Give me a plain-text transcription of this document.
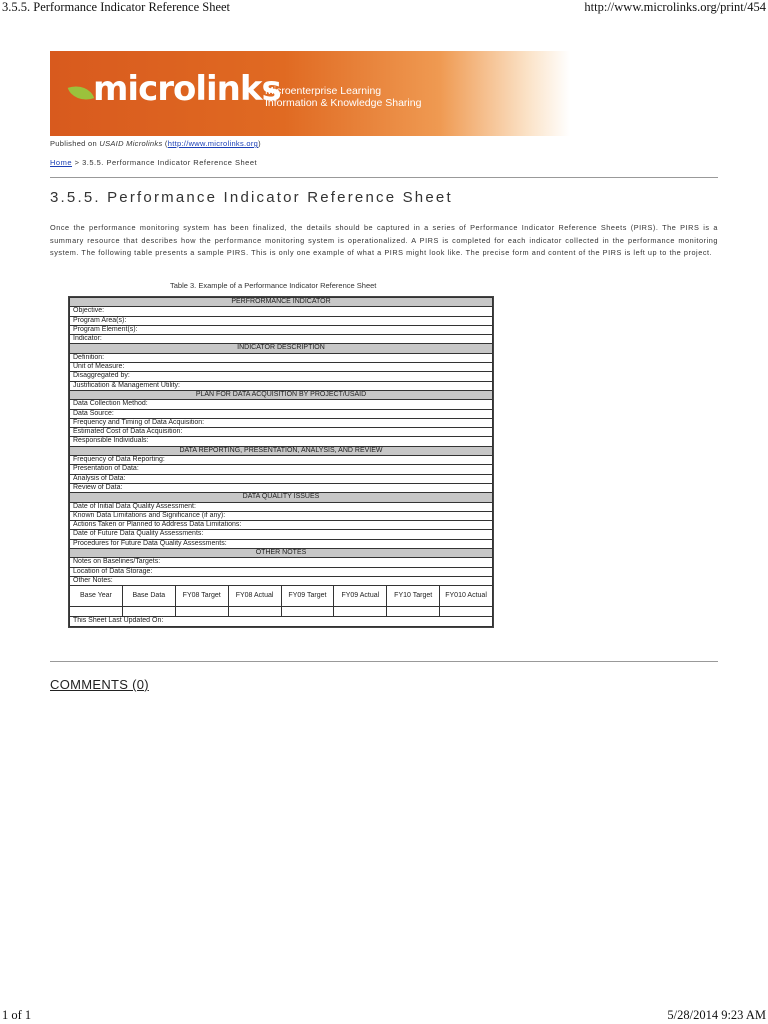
3.5.5. Performance Indicator Reference Sheet	http://www.microlinks.org/print/454
microlinks
Microenterprise Learning
Information & Knowledge Sharing
Published on USAID Microlinks (http://www.microlinks.org)
Home > 3.5.5. Performance Indicator Reference Sheet
3.5.5. Performance Indicator Reference Sheet
Once the performance monitoring system has been finalized, the details should be captured in a series of Performance Indicator Reference Sheets (PIRS). The PIRS is a summary resource that describes how the performance monitoring system is operationalized. A PIRS is completed for each indicator collected in the performance monitoring system. The following table presents a sample PIRS. This is only one example of what a PIRS might look like. The precise form and content of the PIRS is left up to the project.
Table 3. Example of a Performance Indicator Reference Sheet
PERFRORMANCE INDICATOR							
Objective:							
Program Area(s):							
Program Element(s):							
Indicator:							
INDICATOR DESCRIPTION							
Definition:							
Unit of Measure:							
Disaggregated by:							
Justification & Management Utility:							
PLAN FOR DATA ACQUISITION BY PROJECT/USAID							
Data Collection Method:							
Data Source:							
Frequency and Timing of Data Acquisition:							
Estimated Cost of Data Acquisition:							
Responsible Individuals:							
DATA REPORTING, PRESENTATION, ANALYSIS, AND REVIEW							
Frequency of Data Reporting:							
Presentation of Data:							
Analysis of Data:							
Review of Data:							
DATA QUALITY ISSUES							
Date of Initial Data Quality Assessment:							
Known Data Limitations and Significance (if any):							
Actions Taken or Planned to Address Data Limitations:							
Date of Future Data Quality Assessments:							
Procedures for Future Data Quality Assessments:							
OTHER NOTES							
Notes on Baselines/Targets:							
Location of Data Storage:							
Other Notes:							
Base Year	Base Data	FY08 Target	FY08 Actual	FY09 Target	FY09 Actual	FY10 Target	FY010 Actual

This Sheet Last Updated On:							
COMMENTS (0)
1 of 1	5/28/2014 9:23 AM
